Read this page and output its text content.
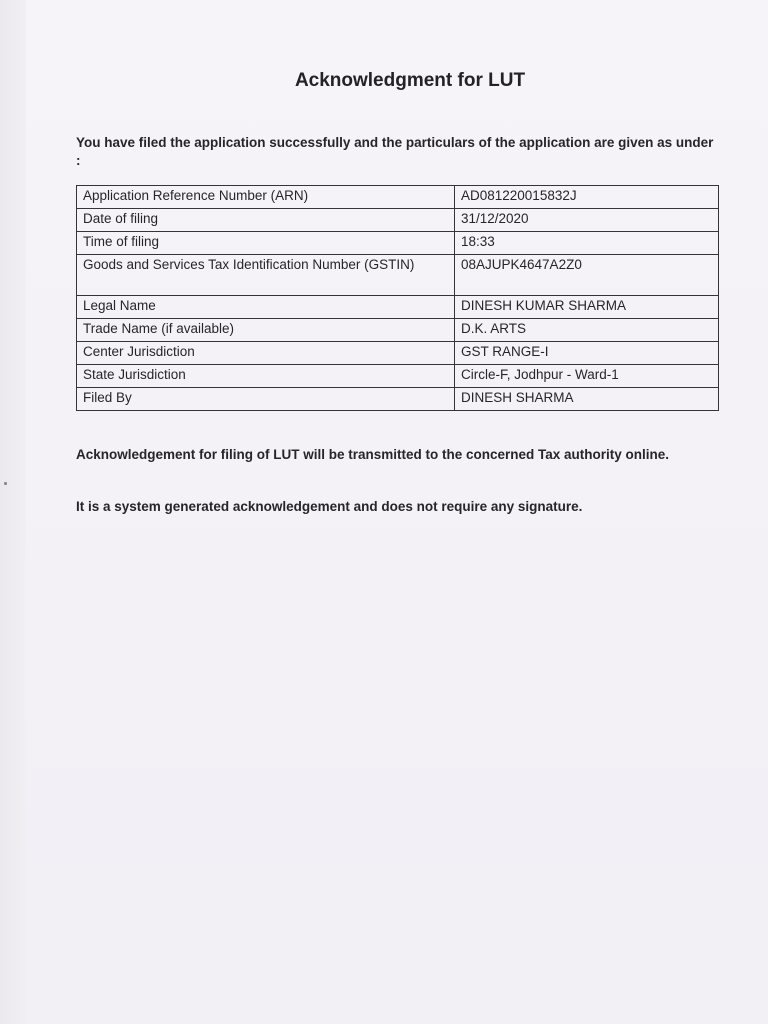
Acknowledgment for LUT

You have filed the application successfully and the particulars of the application are given as under :

Application Reference Number (ARN)	AD081220015832J
Date of filing	31/12/2020
Time of filing	18:33
Goods and Services Tax Identification Number (GSTIN)	08AJUPK4647A2Z0
Legal Name	DINESH KUMAR SHARMA
Trade Name (if available)	D.K. ARTS
Center Jurisdiction	GST RANGE-I
State Jurisdiction	Circle-F, Jodhpur - Ward-1
Filed By	DINESH SHARMA

Acknowledgement for filing of LUT will be transmitted to the concerned Tax authority online.

It is a system generated acknowledgement and does not require any signature.
